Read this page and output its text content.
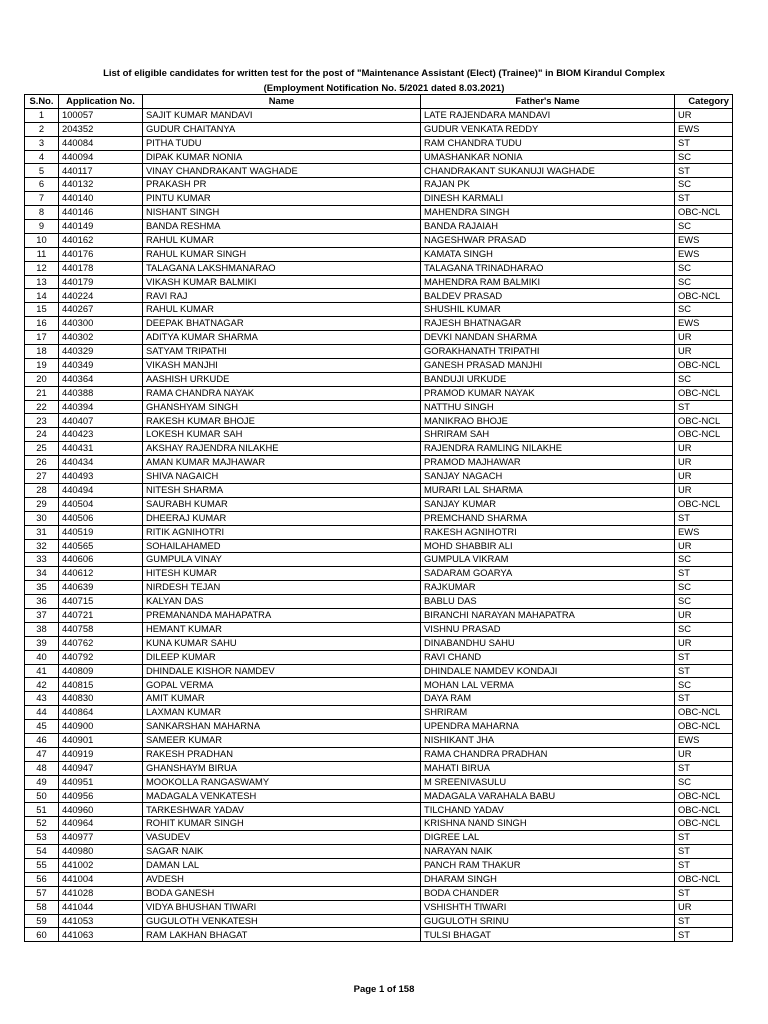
List of eligible candidates for written test for the post of "Maintenance Assistant (Elect) (Trainee)" in BIOM Kirandul Complex
(Employment Notification No. 5/2021 dated 8.03.2021)
S.No.	Application No.	Name	Father's Name	Category
1	100057	SAJIT KUMAR MANDAVI	LATE RAJENDARA MANDAVI	UR
2	204352	GUDUR CHAITANYA	GUDUR VENKATA REDDY	EWS
3	440084	PITHA TUDU	RAM CHANDRA TUDU	ST
4	440094	DIPAK KUMAR NONIA	UMASHANKAR NONIA	SC
5	440117	VINAY CHANDRAKANT WAGHADE	CHANDRAKANT SUKANUJI WAGHADE	ST
6	440132	PRAKASH PR	RAJAN PK	SC
7	440140	PINTU KUMAR	DINESH KARMALI	ST
8	440146	NISHANT SINGH	MAHENDRA SINGH	OBC-NCL
9	440149	BANDA RESHMA	BANDA RAJAIAH	SC
10	440162	RAHUL KUMAR	NAGESHWAR PRASAD	EWS
11	440176	RAHUL KUMAR SINGH	KAMATA SINGH	EWS
12	440178	TALAGANA LAKSHMANARAO	TALAGANA TRINADHARAO	SC
13	440179	VIKASH KUMAR BALMIKI	MAHENDRA RAM BALMIKI	SC
14	440224	RAVI RAJ	BALDEV PRASAD	OBC-NCL
15	440267	RAHUL KUMAR	SHUSHIL KUMAR	SC
16	440300	DEEPAK BHATNAGAR	RAJESH BHATNAGAR	EWS
17	440302	ADITYA KUMAR SHARMA	DEVKI NANDAN SHARMA	UR
18	440329	SATYAM TRIPATHI	GORAKHANATH TRIPATHI	UR
19	440349	VIKASH MANJHI	GANESH PRASAD MANJHI	OBC-NCL
20	440364	AASHISH URKUDE	BANDUJI URKUDE	SC
21	440388	RAMA CHANDRA NAYAK	PRAMOD KUMAR NAYAK	OBC-NCL
22	440394	GHANSHYAM SINGH	NATTHU SINGH	ST
23	440407	RAKESH KUMAR BHOJE	MANIKRAO BHOJE	OBC-NCL
24	440423	LOKESH KUMAR SAH	SHRIRAM SAH	OBC-NCL
25	440431	AKSHAY RAJENDRA NILAKHE	RAJENDRA RAMLING NILAKHE	UR
26	440434	AMAN KUMAR MAJHAWAR	PRAMOD MAJHAWAR	UR
27	440493	SHIVA NAGAICH	SANJAY NAGACH	UR
28	440494	NITESH SHARMA	MURARI LAL SHARMA	UR
29	440504	SAURABH KUMAR	SANJAY KUMAR	OBC-NCL
30	440506	DHEERAJ KUMAR	PREMCHAND SHARMA	ST
31	440519	RITIK AGNIHOTRI	RAKESH AGNIHOTRI	EWS
32	440565	SOHAILAHAMED	MOHD SHABBIR ALI	UR
33	440606	GUMPULA VINAY	GUMPULA VIKRAM	SC
34	440612	HITESH KUMAR	SADARAM GOARYA	ST
35	440639	NIRDESH TEJAN	RAJKUMAR	SC
36	440715	KALYAN DAS	BABLU DAS	SC
37	440721	PREMANANDA MAHAPATRA	BIRANCHI NARAYAN MAHAPATRA	UR
38	440758	HEMANT KUMAR	VISHNU PRASAD	SC
39	440762	KUNA KUMAR SAHU	DINABANDHU SAHU	UR
40	440792	DILEEP KUMAR	RAVI CHAND	ST
41	440809	DHINDALE KISHOR NAMDEV	DHINDALE NAMDEV KONDAJI	ST
42	440815	GOPAL VERMA	MOHAN LAL VERMA	SC
43	440830	AMIT KUMAR	DAYA RAM	ST
44	440864	LAXMAN KUMAR	SHRIRAM	OBC-NCL
45	440900	SANKARSHAN MAHARNA	UPENDRA MAHARNA	OBC-NCL
46	440901	SAMEER KUMAR	NISHIKANT JHA	EWS
47	440919	RAKESH PRADHAN	RAMA CHANDRA PRADHAN	UR
48	440947	GHANSHAYM BIRUA	MAHATI BIRUA	ST
49	440951	MOOKOLLA RANGASWAMY	M SREENIVASULU	SC
50	440956	MADAGALA VENKATESH	MADAGALA VARAHALA BABU	OBC-NCL
51	440960	TARKESHWAR YADAV	TILCHAND YADAV	OBC-NCL
52	440964	ROHIT KUMAR SINGH	KRISHNA NAND SINGH	OBC-NCL
53	440977	VASUDEV	DIGREE LAL	ST
54	440980	SAGAR NAIK	NARAYAN NAIK	ST
55	441002	DAMAN LAL	PANCH RAM THAKUR	ST
56	441004	AVDESH	DHARAM SINGH	OBC-NCL
57	441028	BODA GANESH	BODA CHANDER	ST
58	441044	VIDYA BHUSHAN TIWARI	VSHISHTH TIWARI	UR
59	441053	GUGULOTH VENKATESH	GUGULOTH SRINU	ST
60	441063	RAM LAKHAN BHAGAT	TULSI BHAGAT	ST
Page 1 of 158
